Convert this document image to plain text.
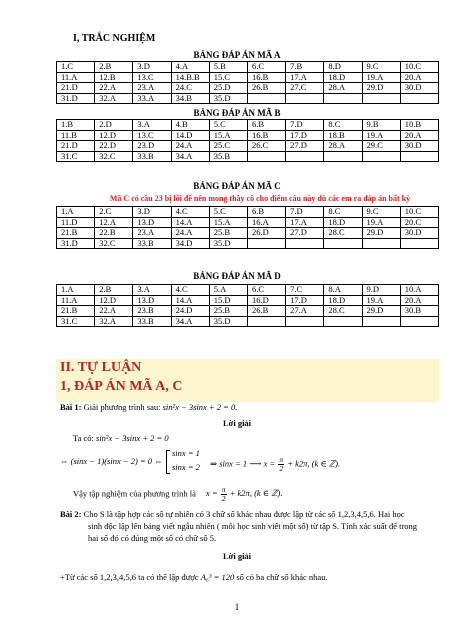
I, TRẮC NGHIỆM
BẢNG ĐÁP ÁN MÃ A
1.C	2.B	3.D	4.A	5.B	6.C	7.B	8.D	9.C	10.C
11.A	12.B	13.C	14.B.B	15.C	16.B	17.A	18.D	19.A	20.A
21.D	22.A	23.A	24.C	25.D	26.B	27.C	28.A	29.D	30.D
31.D	32.A	33.A	34.B	35.D					
BẢNG ĐÁP ÁN MÃ B
1.B	2.D	3.A	4.B	5.C	6.B	7.D	8.C	9.B	10.B
11.B	12.D	13.C	14.D	15.A	16.B	17.D	18.B	19.A	20.A
21.D	22.D	23.D	24.A	25.C	26.C	27.D	28.A	29.C	30.D
31.C	32.C	33.B	34.A	35.B					
BẢNG ĐÁP ÁN MÃ C
Mã C có câu 23 bị lỗi đề nên mong thầy cô cho điểm câu này dù các em ra đáp án bất kỳ
1.A	2.C	3.D	4.C	5.C	6.B	7.D	8.C	9.C	10.C
11.D	12.A	13.D	14.A	15.A	16.A	17.A	18.D	19.A	20.C
21.B	22.B	23.A	24.A	25.B	26.D	27.D	28.C	29.D	30.D
31.D	32.C	33.B	34.D	35.D					
BẢNG ĐÁP ÁN MÃ D
1.A	2.B	3.A	4.C	5.A	6.C	7.C	8.A	9.D	10.A
11.A	12.D	13.D	14.A	15.D	16.D	17.D	18.D	19.A	20.A
21.B	22.A	23.B	24.D	25.B	26.B	27.A	28.C	29.D	30.B
31.C	32.A	33.B	34.A	35.D					
II. TỰ LUẬN
1, ĐÁP ÁN MÃ A, C
Bài 1: Giải phương trình sau: sin²x − 3sinx + 2 = 0.
Lời giải
Ta có: sin²x − 3sinx + 2 = 0
⇔ (sinx − 1)(sinx − 2) = 0 ⇔
sinx = 1
sinx = 2 ⇒ sinx = 1 ⟶ $x = \frac{\pi}{2} + k2\pi$, (k ∈ ℤ).
Vậy tập nghiệm của phương trình là $x = \frac{\pi}{2} + k2\pi$, (k ∈ ℤ).
Bài 2: Cho S là tập hợp các số tự nhiên có 3 chữ số khác nhau được lập từ các số 1,2,3,4,5,6. Hai học
sinh độc lập lên bảng viết ngẫu nhiên ( mỗi học sinh viết một số) từ tập S. Tính xác suất để trong
hai số đó có đúng một số có chữ số 5.
Lời giải
+Từ các số 1,2,3,4,5,6 ta có thể lập được A₆³ = 120 số có ba chữ số khác nhau.
1
